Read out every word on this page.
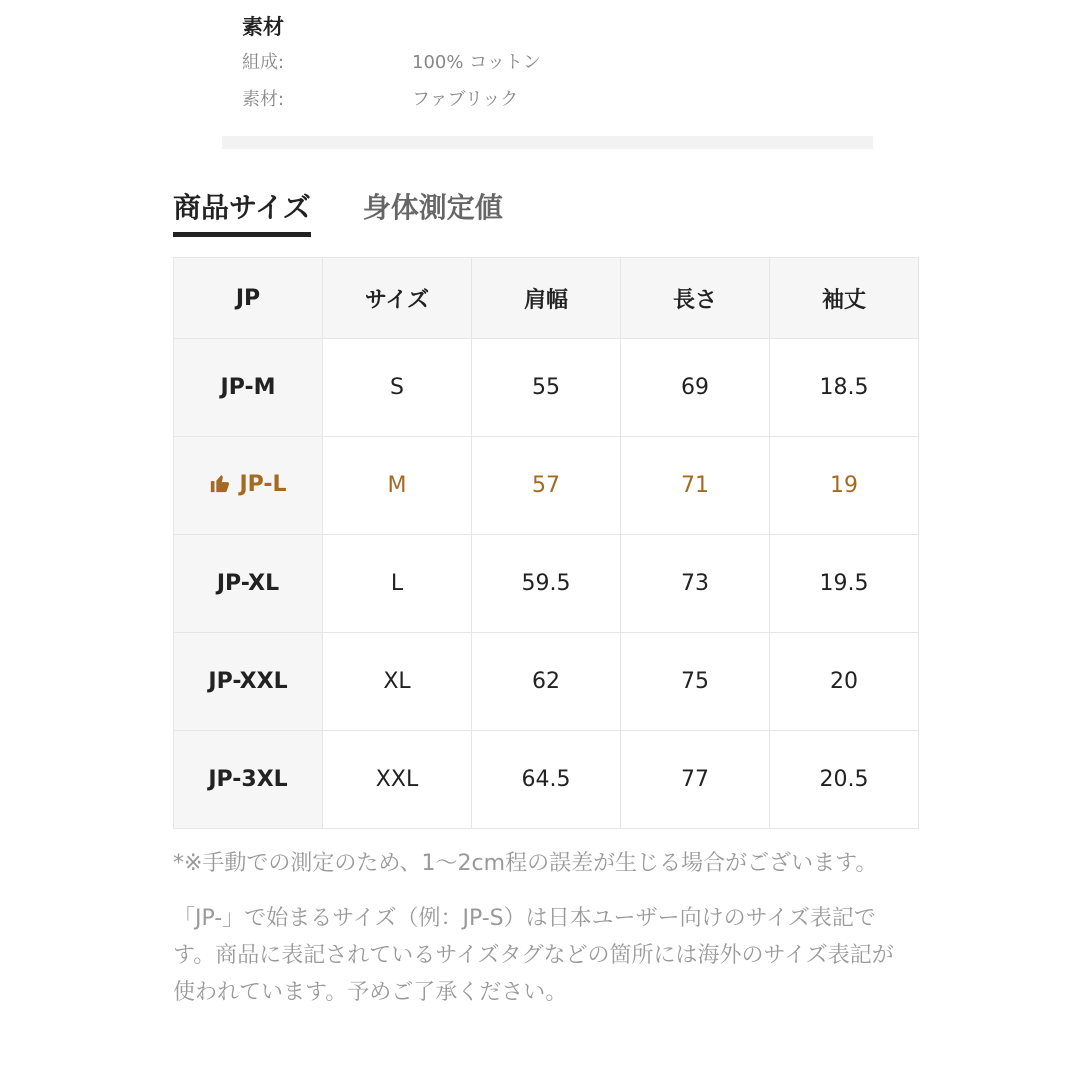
素材
組成:	100% コットン
素材:	ファブリック
商品サイズ 身体測定値
JP	サイズ	肩幅	長さ	袖丈
JP-M	S	55	69	18.5
JP-L	M	57	71	19
JP-XL	L	59.5	73	19.5
JP-XXL	XL	62	75	20
JP-3XL	XXL	64.5	77	20.5

*※手動での測定のため、1〜2cm程の誤差が生じる場合がございます。

「JP-」で始まるサイズ（例：JP-S）は日本ユーザー向けのサイズ表記です。商品に表記されているサイズタグなどの箇所には海外のサイズ表記が使われています。予めご了承ください。
